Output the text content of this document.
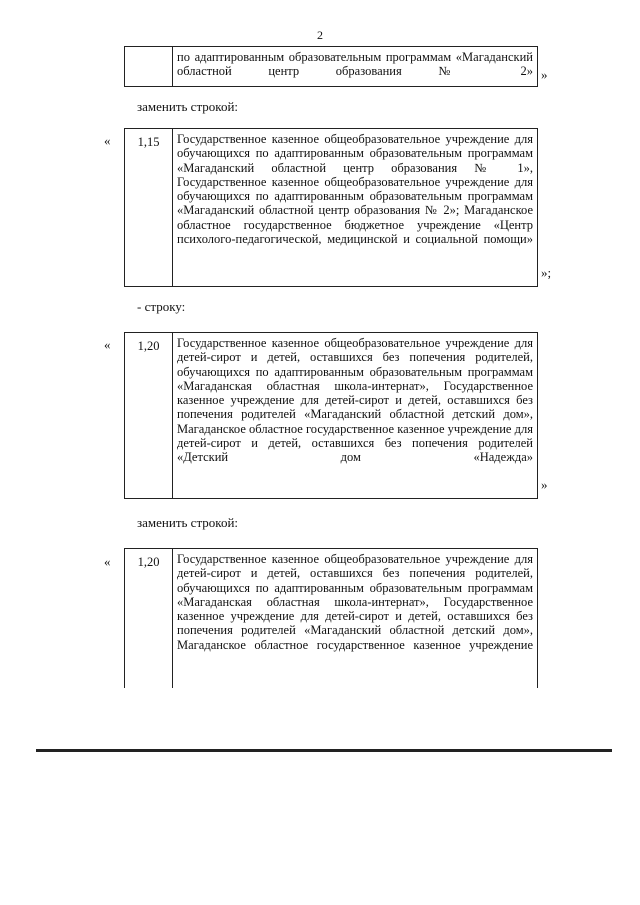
2
по адаптированным образовательным программам «Магаданский областной центр образования № 2» »
заменить строкой:
«	1,15	Государственное казенное общеобразовательное учреждение для обучающихся по адаптированным образовательным программам «Магаданский областной центр образования № 1», Государственное казенное общеобразовательное учреждение для обучающихся по адаптированным образовательным программам «Магаданский областной центр образования № 2»; Магаданское областное государственное бюджетное учреждение «Центр психолого-педагогической, медицинской и социальной помощи»
»;
- строку:
«	1,20	Государственное казенное общеобразовательное учреждение для детей-сирот и детей, оставшихся без попечения родителей, обучающихся по адаптированным образовательным программам «Магаданская областная школа-интернат», Государственное казенное учреждение для детей-сирот и детей, оставшихся без попечения родителей «Магаданский областной детский дом», Магаданское областное государственное казенное учреждение для детей-сирот и детей, оставшихся без попечения родителей «Детский дом «Надежда»
»
заменить строкой:
«	1,20	Государственное казенное общеобразовательное учреждение для детей-сирот и детей, оставшихся без попечения родителей, обучающихся по адаптированным образовательным программам «Магаданская областная школа-интернат», Государственное казенное учреждение для детей-сирот и детей, оставшихся без попечения родителей «Магаданский областной детский дом», Магаданское областное государственное казенное учреждение
